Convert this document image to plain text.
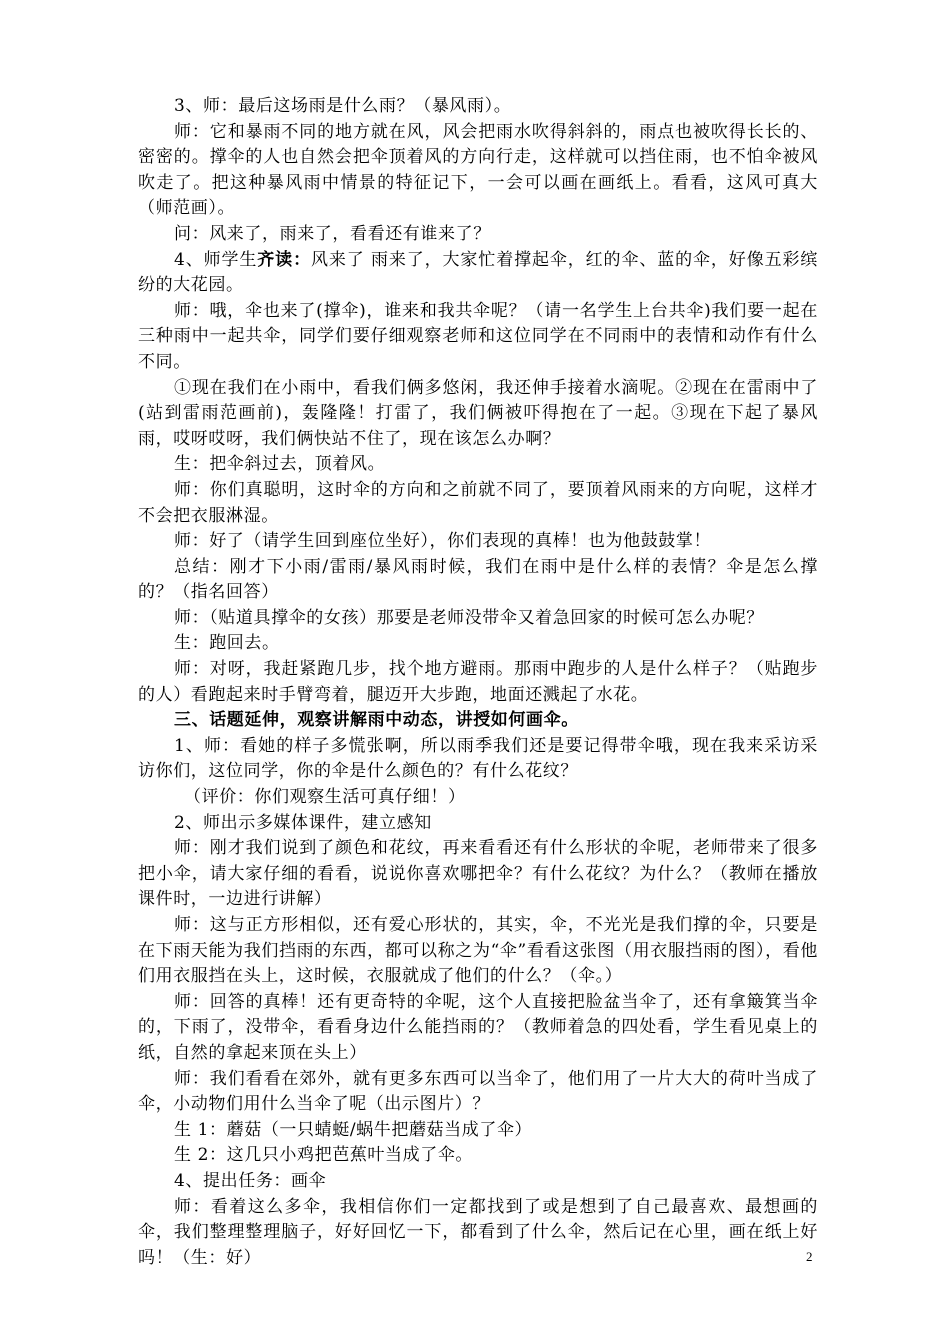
3、师：最后这场雨是什么雨？（暴风雨）。

师：它和暴雨不同的地方就在风，风会把雨水吹得斜斜的，雨点也被吹得长长的、密密的。撑伞的人也自然会把伞顶着风的方向行走，这样就可以挡住雨，也不怕伞被风吹走了。把这种暴风雨中情景的特征记下，一会可以画在画纸上。看看，这风可真大（师范画）。

问：风来了，雨来了，看看还有谁来了？

4、师学生齐读：风来了 雨来了，大家忙着撑起伞，红的伞、蓝的伞，好像五彩缤纷的大花园。

师：哦，伞也来了(撑伞)，谁来和我共伞呢？（请一名学生上台共伞)我们要一起在三种雨中一起共伞，同学们要仔细观察老师和这位同学在不同雨中的表情和动作有什么不同。

①现在我们在小雨中，看我们俩多悠闲，我还伸手接着水滴呢。②现在在雷雨中了(站到雷雨范画前)，轰隆隆！打雷了，我们俩被吓得抱在了一起。③现在下起了暴风雨，哎呀哎呀，我们俩快站不住了，现在该怎么办啊？

生：把伞斜过去，顶着风。

师：你们真聪明，这时伞的方向和之前就不同了，要顶着风雨来的方向呢，这样才不会把衣服淋湿。

师：好了（请学生回到座位坐好），你们表现的真棒！也为他鼓鼓掌！

总结：刚才下小雨/雷雨/暴风雨时候，我们在雨中是什么样的表情？伞是怎么撑的？（指名回答）

师：（贴道具撑伞的女孩）那要是老师没带伞又着急回家的时候可怎么办呢？

生：跑回去。

师：对呀，我赶紧跑几步，找个地方避雨。那雨中跑步的人是什么样子？（贴跑步的人）看跑起来时手臂弯着，腿迈开大步跑，地面还溅起了水花。

三、话题延伸，观察讲解雨中动态，讲授如何画伞。

1、师：看她的样子多慌张啊，所以雨季我们还是要记得带伞哦，现在我来采访采访你们，这位同学，你的伞是什么颜色的？有什么花纹？

（评价：你们观察生活可真仔细！）

2、师出示多媒体课件，建立感知

师：刚才我们说到了颜色和花纹，再来看看还有什么形状的伞呢，老师带来了很多把小伞，请大家仔细的看看，说说你喜欢哪把伞？有什么花纹？为什么？（教师在播放课件时，一边进行讲解）

师：这与正方形相似，还有爱心形状的，其实，伞，不光光是我们撑的伞，只要是在下雨天能为我们挡雨的东西，都可以称之为“伞”看看这张图（用衣服挡雨的图），看他们用衣服挡在头上，这时候，衣服就成了他们的什么？（伞。）

师：回答的真棒！还有更奇特的伞呢，这个人直接把脸盆当伞了，还有拿簸箕当伞的，下雨了，没带伞，看看身边什么能挡雨的？（教师着急的四处看，学生看见桌上的纸，自然的拿起来顶在头上）

师：我们看看在郊外，就有更多东西可以当伞了，他们用了一片大大的荷叶当成了伞，小动物们用什么当伞了呢（出示图片）？

生 1：蘑菇（一只蜻蜓/蜗牛把蘑菇当成了伞）

生 2：这几只小鸡把芭蕉叶当成了伞。

4、提出任务：画伞

师：看着这么多伞，我相信你们一定都找到了或是想到了自己最喜欢、最想画的伞，我们整理整理脑子，好好回忆一下，都看到了什么伞，然后记在心里，画在纸上好吗！（生：好）	2
